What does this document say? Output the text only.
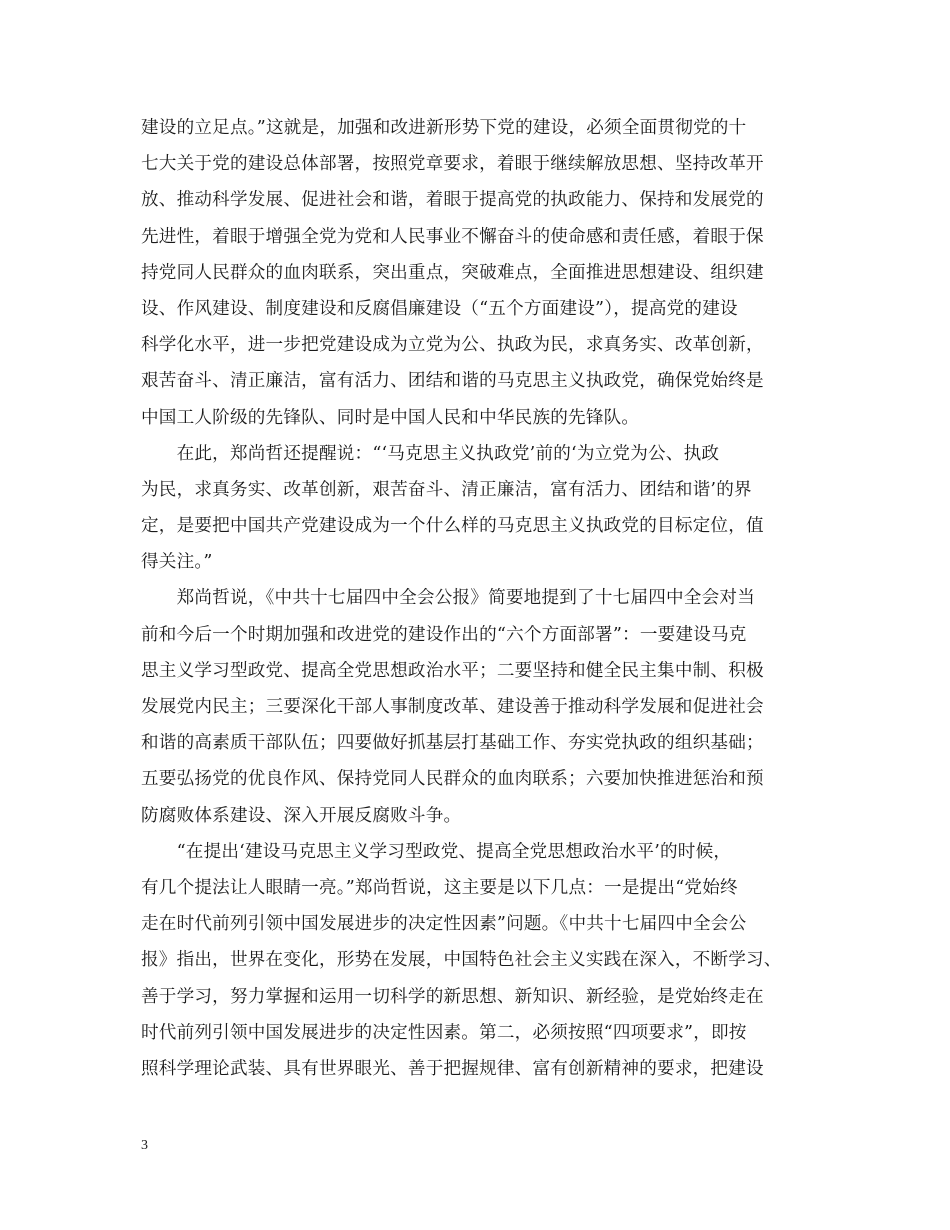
建设的立足点。”这就是，加强和改进新形势下党的建设，必须全面贯彻党的十
七大关于党的建设总体部署，按照党章要求，着眼于继续解放思想、坚持改革开
放、推动科学发展、促进社会和谐，着眼于提高党的执政能力、保持和发展党的
先进性，着眼于增强全党为党和人民事业不懈奋斗的使命感和责任感，着眼于保
持党同人民群众的血肉联系，突出重点，突破难点，全面推进思想建设、组织建
设、作风建设、制度建设和反腐倡廉建设（“五个方面建设”），提高党的建设
科学化水平，进一步把党建设成为立党为公、执政为民，求真务实、改革创新，
艰苦奋斗、清正廉洁，富有活力、团结和谐的马克思主义执政党，确保党始终是
中国工人阶级的先锋队、同时是中国人民和中华民族的先锋队。
　　在此，郑尚哲还提醒说：“‘马克思主义执政党’前的‘为立党为公、执政
为民，求真务实、改革创新，艰苦奋斗、清正廉洁，富有活力、团结和谐’的界
定，是要把中国共产党建设成为一个什么样的马克思主义执政党的目标定位，值
得关注。”
　　郑尚哲说，《中共十七届四中全会公报》简要地提到了十七届四中全会对当
前和今后一个时期加强和改进党的建设作出的“六个方面部署”：一要建设马克
思主义学习型政党、提高全党思想政治水平；二要坚持和健全民主集中制、积极
发展党内民主；三要深化干部人事制度改革、建设善于推动科学发展和促进社会
和谐的高素质干部队伍；四要做好抓基层打基础工作、夯实党执政的组织基础；
五要弘扬党的优良作风、保持党同人民群众的血肉联系；六要加快推进惩治和预
防腐败体系建设、深入开展反腐败斗争。
　　“在提出‘建设马克思主义学习型政党、提高全党思想政治水平’的时候，
有几个提法让人眼睛一亮。”郑尚哲说，这主要是以下几点：一是提出“党始终
走在时代前列引领中国发展进步的决定性因素”问题。《中共十七届四中全会公
报》指出，世界在变化，形势在发展，中国特色社会主义实践在深入，不断学习、
善于学习，努力掌握和运用一切科学的新思想、新知识、新经验，是党始终走在
时代前列引领中国发展进步的决定性因素。第二，必须按照“四项要求”，即按
照科学理论武装、具有世界眼光、善于把握规律、富有创新精神的要求，把建设
3
